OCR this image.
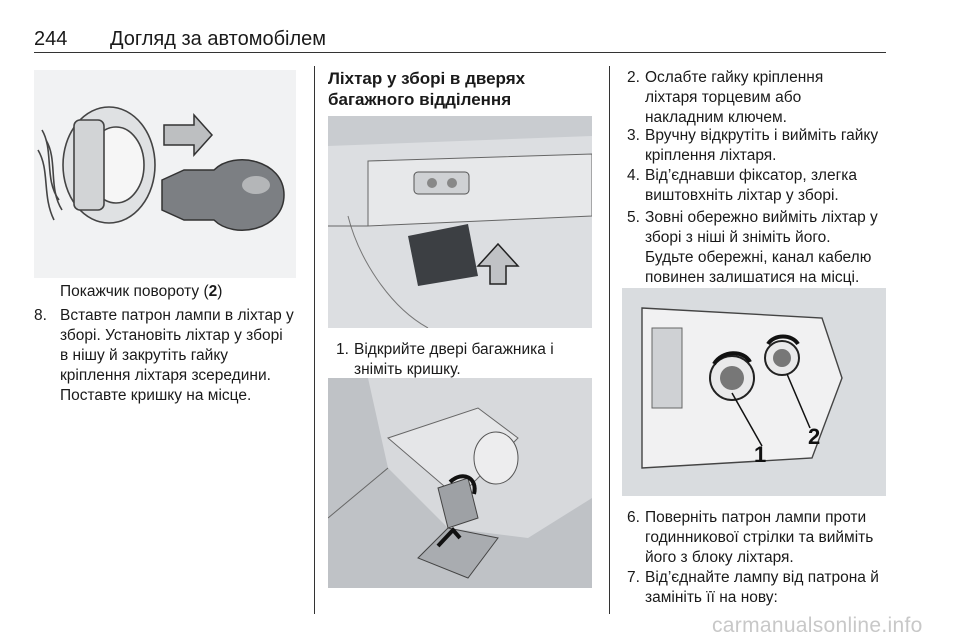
244 Догляд за автомобілем
Покажчик повороту (2)
8. Вставте патрон лампи в ліхтар у
зборі. Установіть ліхтар у зборі
в нішу й закрутіть гайку
кріплення ліхтаря зсередини.
Поставте кришку на місце.
Ліхтар у зборі в дверях
багажного відділення
1. Відкрийте двері багажника і
зніміть кришку.
2. Ослабте гайку кріплення
ліхтаря торцевим або
накладним ключем.
3. Вручну відкрутіть і вийміть гайку
кріплення ліхтаря.
4. Від’єднавши фіксатор, злегка
виштовхніть ліхтар у зборі.
5. Зовні обережно вийміть ліхтар у
зборі з ніші й зніміть його.
Будьте обережні, канал кабелю
повинен залишатися на місці.
1
2
6. Поверніть патрон лампи проти
годинникової стрілки та вийміть
його з блоку ліхтаря.
7. Від’єднайте лампу від патрона й
замініть її на нову:
carmanualsonline.info
